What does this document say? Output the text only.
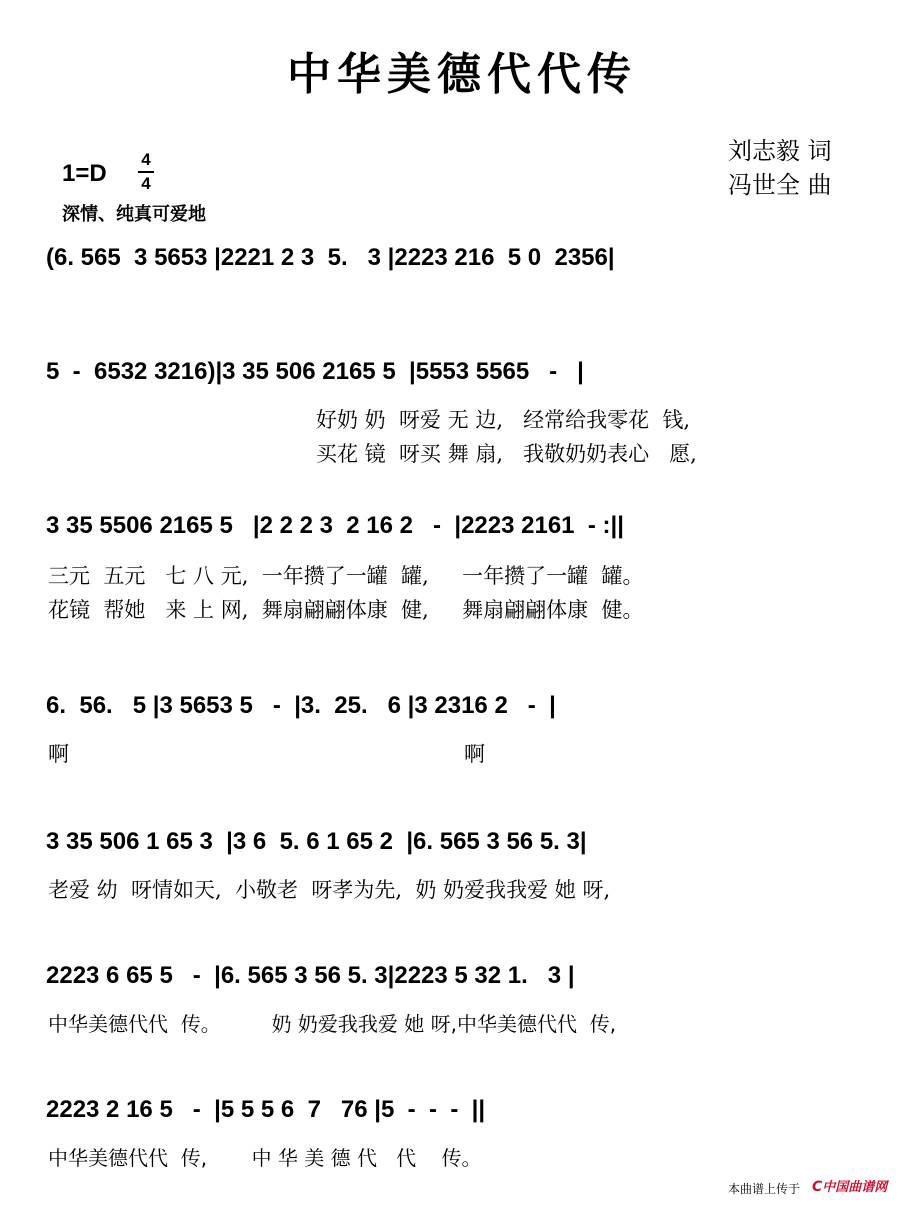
中华美德代代传
刘志毅 词
冯世全 曲
1=D
4
4
深情、纯真可爱地
(6. 565  3 5653 |2221 2 3  5.   3 |2223 216  5 0  2356|
5  -  6532 3216)|3 35 506 2165 5  |5553 5565   -   |
好奶 奶  呀爱 无 边,   经常给我零花  钱,
买花 镜  呀买 舞 扇,   我敬奶奶表心   愿,
3 35 5506 2165 5   |2 2 2 3  2 16 2   -  |2223 2161  - :||
三元  五元   七 八 元,  一年攒了一罐  罐,     一年攒了一罐  罐。
花镜  帮她   来 上 网,  舞扇翩翩体康  健,     舞扇翩翩体康  健。
6.  56.   5 |3 5653 5   -  |3.  25.   6 |3 2316 2   -  |
啊	啊
3 35 506 1 65 3  |3 6  5. 6 1 65 2  |6. 565 3 56 5. 3|
老爱 幼  呀情如天,  小敬老  呀孝为先,  奶 奶爱我我爱 她 呀,
2223 6 65 5   -  |6. 565 3 56 5. 3|2223 5 32 1.   3 |
中华美德代代  传。        奶 奶爱我我爱 她 呀,中华美德代代  传,
2223 2 16 5   -  |5 5 5 6  7   76 |5  -  -  -  ||
中华美德代代  传,       中 华 美 德 代   代    传。
本曲谱上传于 C中国曲谱网
